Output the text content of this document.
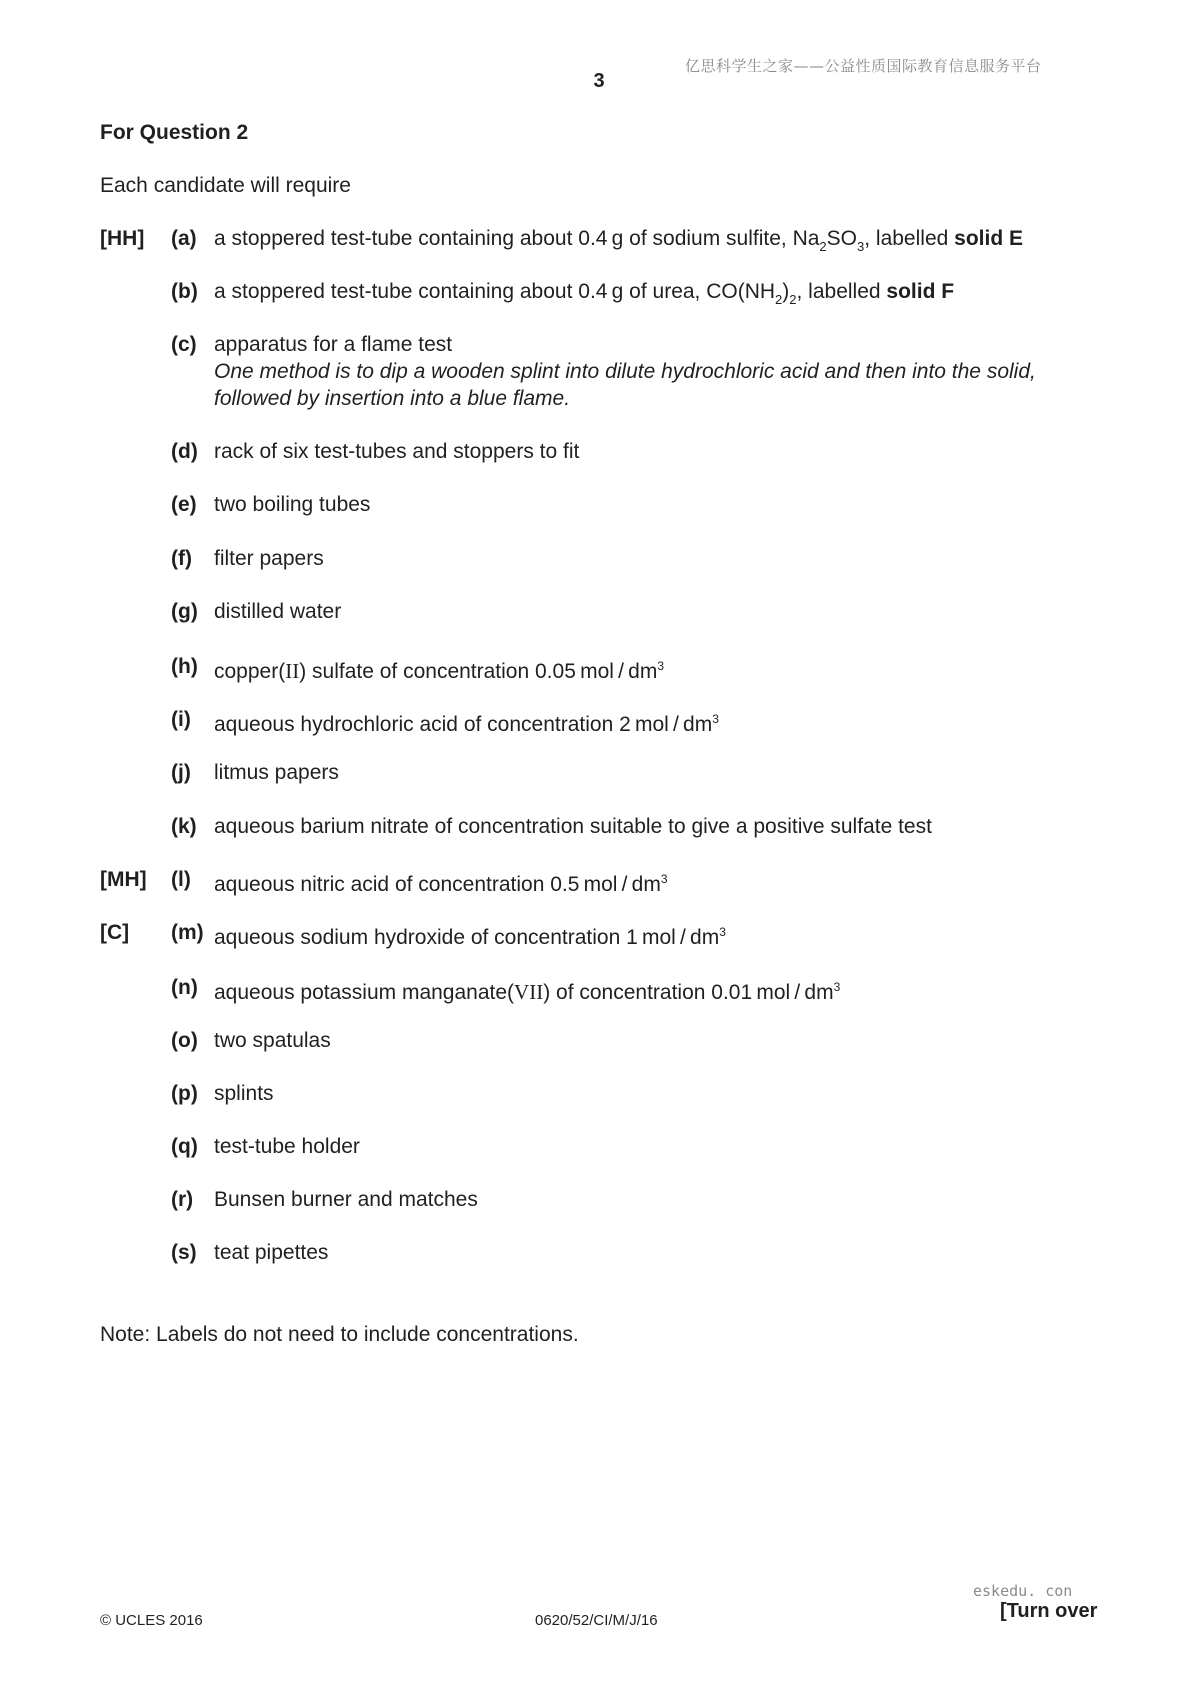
亿思科学生之家——公益性质国际教育信息服务平台
3
For Question 2
Each candidate will require
[HH] (a) a stoppered test-tube containing about 0.4 g of sodium sulfite, $Na_2SO_3$, labelled solid E
(b) a stoppered test-tube containing about 0.4 g of urea, $CO(NH_2)_2$, labelled solid F
(c) apparatus for a flame test
One method is to dip a wooden splint into dilute hydrochloric acid and then into the solid,
followed by insertion into a blue flame.
(d) rack of six test-tubes and stoppers to fit
(e) two boiling tubes
(f) filter papers
(g) distilled water
(h) copper(II) sulfate of concentration 0.05 mol / $dm^3$
(i) aqueous hydrochloric acid of concentration 2 mol / $dm^3$
(j) litmus papers
(k) aqueous barium nitrate of concentration suitable to give a positive sulfate test
[MH] (l) aqueous nitric acid of concentration 0.5 mol / $dm^3$
[C] (m) aqueous sodium hydroxide of concentration 1 mol / $dm^3$
(n) aqueous potassium manganate(VII) of concentration 0.01 mol / $dm^3$
(o) two spatulas
(p) splints
(q) test-tube holder
(r) Bunsen burner and matches
(s) teat pipettes
Note: Labels do not need to include concentrations.
eskedu. con
© UCLES 2016	0620/52/CI/M/J/16	[Turn over
